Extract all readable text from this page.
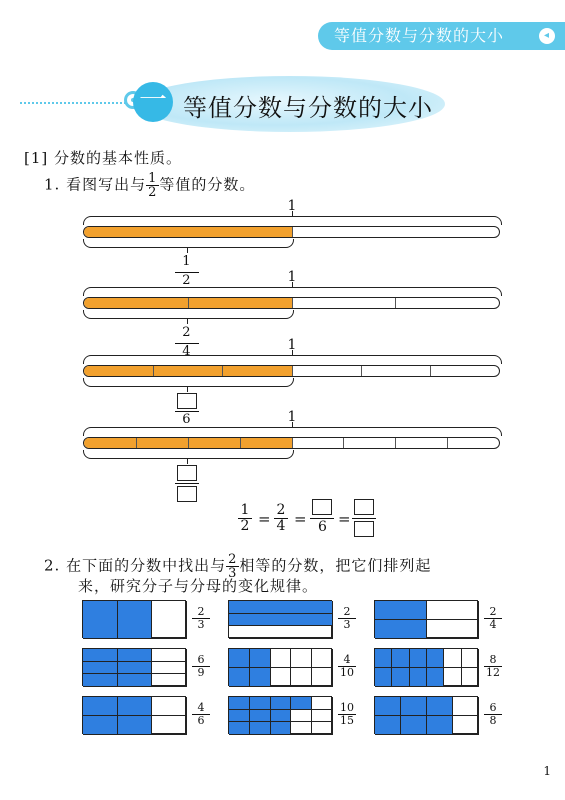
等值分数与分数的大小	◂
一 等值分数与分数的大小
[1] 分数的基本性质。
1. 看图写出与 $\frac{1}{2}$ 等值的分数。
1
1
2	1
2
4	1
6	1
$\frac{1}{2} = \frac{2}{4} = 6$ =
2. 在下面的分数中找出与 $\frac{2}{3}$ 相等的分数，把它们排列起
来，研究分子与分母的变化规律。
$\frac{2}{3}$	$\frac{2}{3}$	$\frac{2}{4}$
$\frac{6}{9}$	$\frac{4}{10}$	$\frac{8}{12}$
$\frac{4}{6}$	$\frac{10}{15}$	$\frac{6}{8}$
1
